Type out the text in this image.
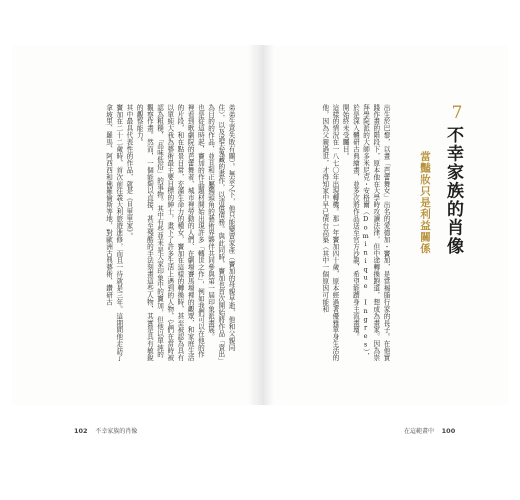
7
不幸家族的肖像
當豔妝只是利益關係

出生於巴黎，以畫「芭蕾舞女」出名的愛德加・竇加，是當褐脂行家的長子。在他實踐作畫的階段下，原本他在大學時攻讀法律，但中途轉換跑道，想成為畫家。因為崇拜學院派的大師多米尼克・安格爾（Dominique Ingres），於是深入體研古典繪畫，並多次將作品送至官方沙龍，希望能躋身主流畫壇。

開始終未受矚目。

這樣的情況在一八七〇年出現轉機。那一年竇加四十歲，原本經過著優雅單身生活的他，因為父親過世，才得知家中早已債台高築（其中一個原因可能和

弟弟生意失敗有關）。無奈之下，他只能變賣家產（竇加的母親早逝，他和父親同住），以及過去蒐藏的畫作，以清償債務。與此同時，竇加也首次開始將作品「賣出」為目的的作品，並且和正屬獨頭角的藝術界夥伴共同參與第一屆印象派畫展。

也是從這時起，竇加的作品題材開始出現許多「轉世之作」，例如我們可以在他的作裡看到歌劇院的芭蕾舞者、城市裡勞動的人們、在劇場賽馬場裡的觀眾，和家庭生活的片段，和在點景目常，充滿生命力的種女，竇加在這樣的轉換時，甚至被認為具有以單純大我為藝術最主要目標的紳士，畫下了許多生活上遇到的人物，它們在當時被認為粗糙，「品味低俗」的事物。其中有些並未是大家印象中的竇加，但他以單純的觀察作畫。然而，一個能夠以直接，甚至殘酷的手法刻畫這些人物，其實是具有敏銳的觀察能力。

其中最具代表性的作品，就是《貝里里家》。

竇加在二十二歲時，首次前往義大利旅遊進修，而且一待就是三年。這期間他走訪了拿坡里、羅馬、阿西西和佛羅倫斯等地，對歐洲古典藝術、鑽研古

102 不幸家族的肖像	在這範畫中 100
